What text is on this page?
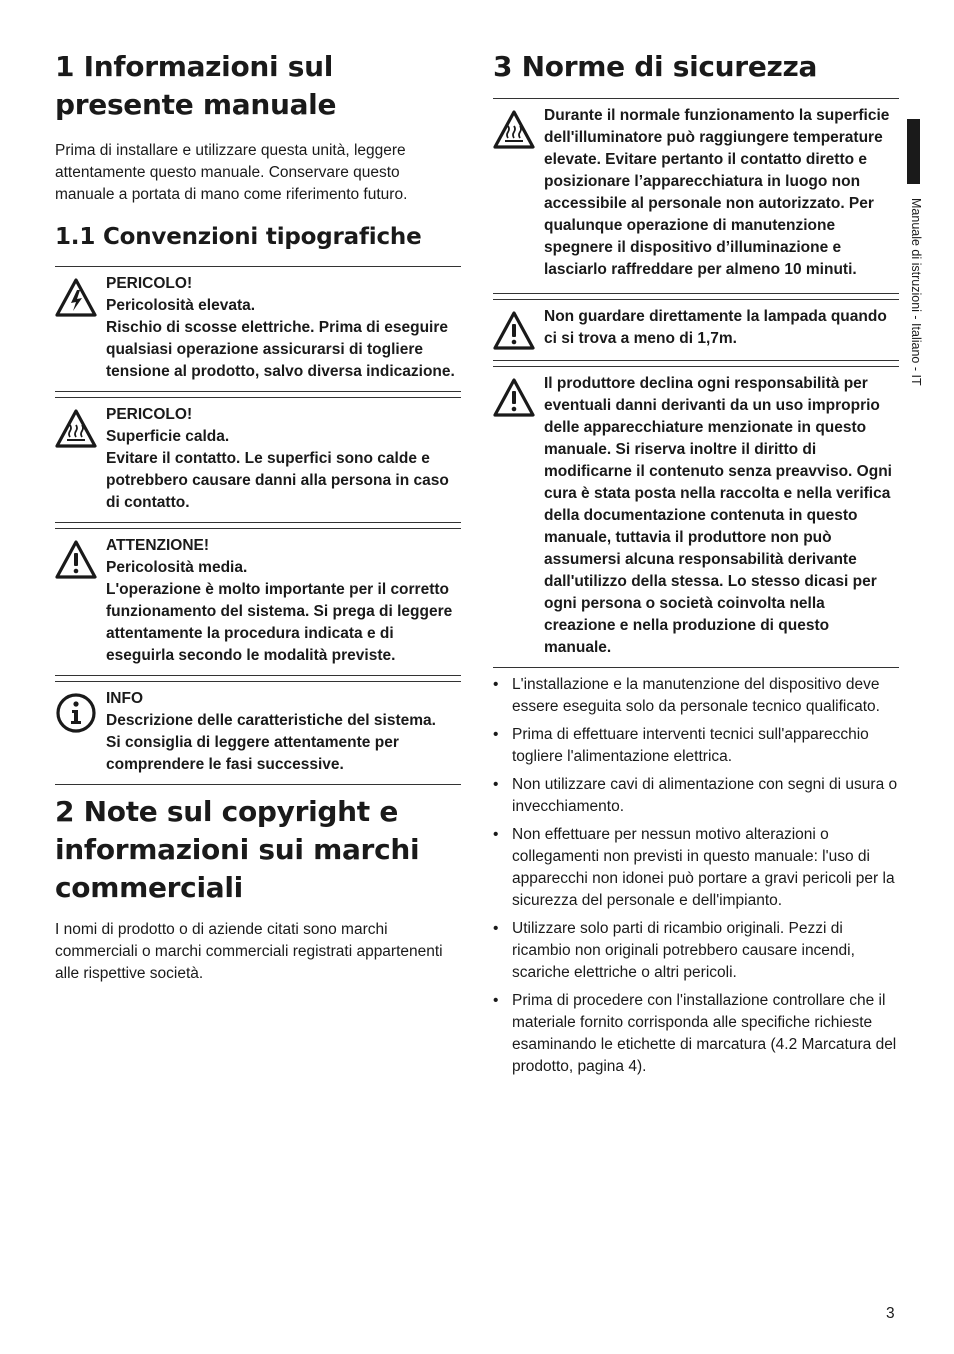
1 Informazioni sul presente manuale

Prima di installare e utilizzare questa unità, leggere attentamente questo manuale. Conservare questo manuale a portata di mano come riferimento futuro.

1.1 Convenzioni tipografiche
PERICOLO!
Pericolosità elevata.
Rischio di scosse elettriche. Prima di eseguire qualsiasi operazione assicurarsi di togliere tensione al prodotto, salvo diversa indicazione.
PERICOLO!
Superficie calda.
Evitare il contatto. Le superfici sono calde e potrebbero causare danni alla persona in caso di contatto.
ATTENZIONE!
Pericolosità media.
L'operazione è molto importante per il corretto funzionamento del sistema. Si prega di leggere attentamente la procedura indicata e di eseguirla secondo le modalità previste.
INFO
Descrizione delle caratteristiche del sistema.
Si consiglia di leggere attentamente per comprendere le fasi successive.
2 Note sul copyright e informazioni sui marchi commerciali

I nomi di prodotto o di aziende citati sono marchi commerciali o marchi commerciali registrati appartenenti alle rispettive società.

3 Norme di sicurezza
Durante il normale funzionamento la superficie dell'illuminatore può raggiungere temperature elevate. Evitare pertanto il contatto diretto e posizionare l’apparecchiatura in luogo non accessibile al personale non autorizzato. Per qualunque operazione di manutenzione spegnere il dispositivo d’illuminazione e lasciarlo raffreddare per almeno 10 minuti.
Non guardare direttamente la lampada quando ci si trova a meno di 1,7m.
Il produttore declina ogni responsabilità per eventuali danni derivanti da un uso improprio delle apparecchiature menzionate in questo manuale. Si riserva inoltre il diritto di modificarne il contenuto senza preavviso. Ogni cura è stata posta nella raccolta e nella verifica della documentazione contenuta in questo manuale, tuttavia il produttore non può assumersi alcuna responsabilità derivante dall'utilizzo della stessa. Lo stesso dicasi per ogni persona o società coinvolta nella creazione e nella produzione di questo manuale.
• L'installazione e la manutenzione del dispositivo deve essere eseguita solo da personale tecnico qualificato.
• Prima di effettuare interventi tecnici sull'apparecchio togliere l'alimentazione elettrica.
• Non utilizzare cavi di alimentazione con segni di usura o invecchiamento.
• Non effettuare per nessun motivo alterazioni o collegamenti non previsti in questo manuale: l'uso di apparecchi non idonei può portare a gravi pericoli per la sicurezza del personale e dell'impianto.
• Utilizzare solo parti di ricambio originali. Pezzi di ricambio non originali potrebbero causare incendi, scariche elettriche o altri pericoli.
• Prima di procedere con l'installazione controllare che il materiale fornito corrisponda alle specifiche richieste esaminando le etichette di marcatura (4.2 Marcatura del prodotto, pagina 4).
Manuale di istruzioni - Italiano - IT
3
